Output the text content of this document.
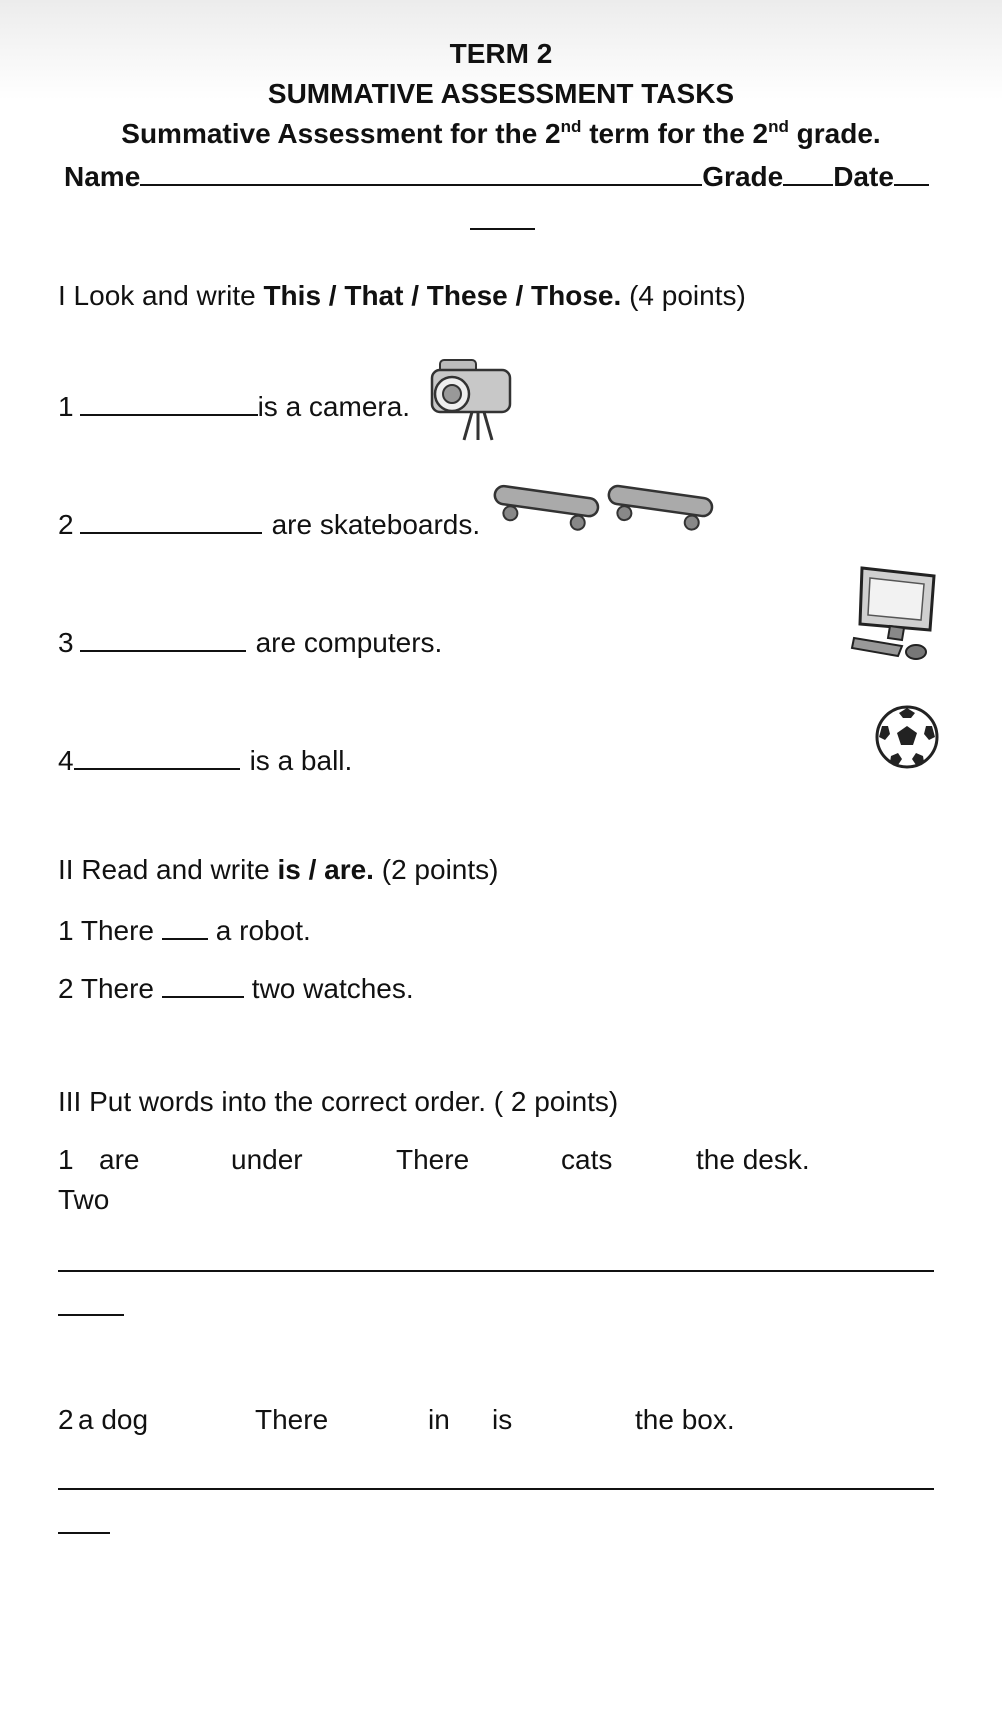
TERM 2
SUMMATIVE ASSESSMENT TASKS
Summative Assessment for the 2nd term for the 2nd grade.
Name	Grade Date
I Look and write This / That / These / Those. (4 points)
1	is a camera.
2	are skateboards.
3	are computers.
4	is a ball.
II Read and write is / are. (2 points)
1 There a robot.
2 There	two watches.
III Put words into the correct order. ( 2 points)
1 are	under	There	cats	the desk.
Two
2 a dog	There	in is	the box.
